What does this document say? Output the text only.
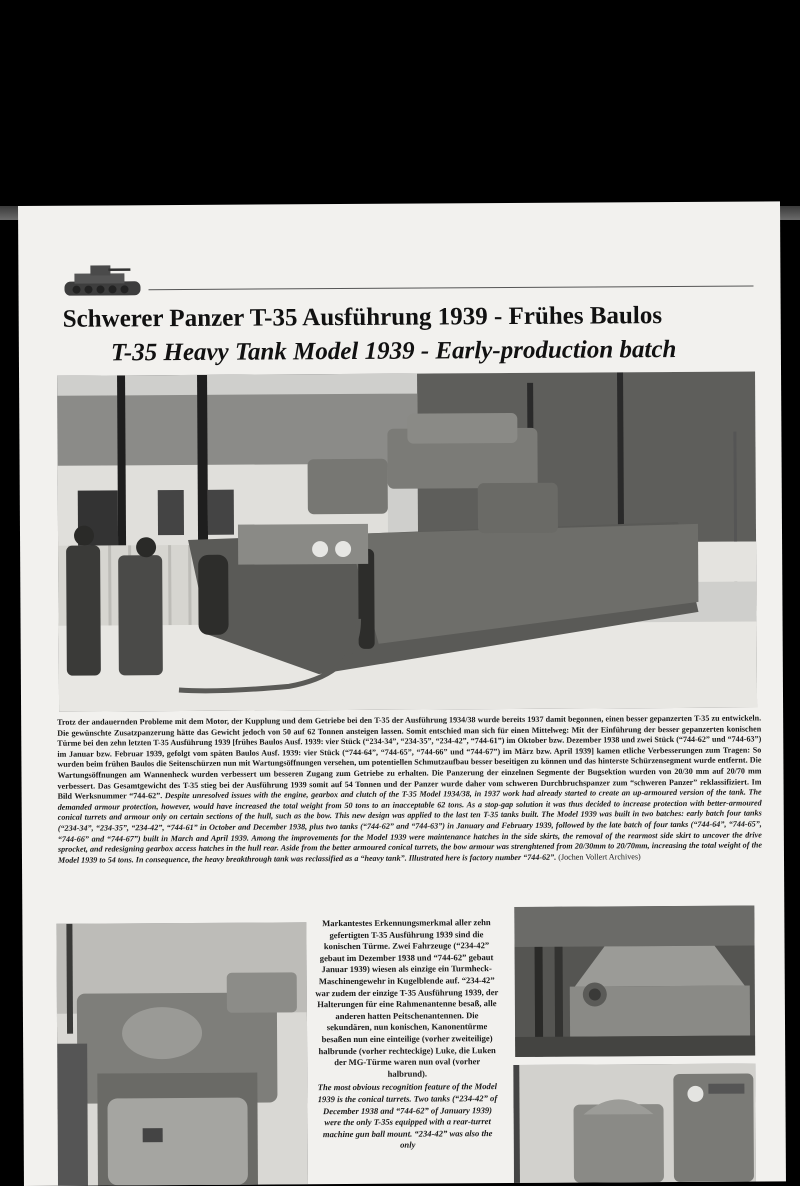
Schwerer Panzer T-35 Ausführung 1939 - Frühes Baulos
T-35 Heavy Tank Model 1939 - Early-production batch
Trotz der andauernden Probleme mit dem Motor, der Kupplung und dem Getriebe bei den T-35 der Ausführung 1934/38 wurde bereits 1937 damit begonnen, einen besser gepanzerten T-35 zu entwickeln. Die gewünschte Zusatzpanzerung hätte das Gewicht jedoch von 50 auf 62 Tonnen ansteigen lassen. Somit entschied man sich für einen Mittelweg: Mit der Einführung der besser gepanzerten konischen Türme bei den zehn letzten T-35 Ausführung 1939 [frühes Baulos Ausf. 1939: vier Stück (“234-34”, “234-35”, “234-42”, “744-61”) im Oktober bzw. Dezember 1938 und zwei Stück (“744-62” und “744-63”) im Januar bzw. Februar 1939, gefolgt vom späten Baulos Ausf. 1939: vier Stück (“744-64”, “744-65”, “744-66” und “744-67”) im März bzw. April 1939] kamen etliche Verbesserungen zum Tragen: So wurden beim frühen Baulos die Seitenschürzen nun mit Wartungsöffnungen versehen, um potentiellen Schmutzaufbau besser beseitigen zu können und das hinterste Schürzensegment wurde entfernt. Die Wartungsöffnungen am Wannenheck wurden verbessert um besseren Zugang zum Getriebe zu erhalten. Die Panzerung der einzelnen Segmente der Bugsektion wurden von 20/30 mm auf 20/70 mm verbessert. Das Gesamtgewicht des T-35 stieg bei der Ausführung 1939 somit auf 54 Tonnen und der Panzer wurde daher vom schweren Durchbruchspanzer zum “schweren Panzer” reklassifiziert. Im Bild Werksnummer “744-62”. Despite unresolved issues with the engine, gearbox and clutch of the T-35 Model 1934/38, in 1937 work had already started to create an up-armoured version of the tank. The demanded armour protection, however, would have increased the total weight from 50 tons to an inacceptable 62 tons. As a stop-gap solution it was thus decided to increase protection with better-armoured conical turrets and armour only on certain sections of the hull, such as the bow. This new design was applied to the last ten T-35 tanks built. The Model 1939 was built in two batches: early batch four tanks (“234-34”, “234-35”, “234-42”, “744-61” in October and December 1938, plus two tanks (“744-62” and “744-63”) in January and February 1939, followed by the late batch of four tanks (“744-64”, “744-65”, “744-66” and “744-67”) built in March and April 1939. Among the improvements for the Model 1939 were maintenance hatches in the side skirts, the removal of the rearmost side skirt to uncover the drive sprocket, and redesigning gearbox access hatches in the hull rear. Aside from the better armoured conical turrets, the bow armour was strenghtened from 20/30mm to 20/70mm, increasing the total weight of the Model 1939 to 54 tons. In consequence, the heavy breakthrough tank was reclassified as a “heavy tank”. Illustrated here is factory number “744-62”. (Jochen Vollert Archives)
Markantestes Erkennungsmerkmal aller zehn gefertigten T-35 Ausführung 1939 sind die konischen Türme. Zwei Fahrzeuge (“234-42” gebaut im Dezember 1938 und “744-62” gebaut Januar 1939) wiesen als einzige ein Turmheck-Maschinengewehr in Kugelblende auf. “234-42” war zudem der einzige T-35 Ausführung 1939, der Halterungen für eine Rahmenantenne besaß, alle anderen hatten Peitschenantennen. Die sekundären, nun konischen, Kanonentürme besaßen nun eine einteilige (vorher zweiteilige) halbrunde (vorher rechteckige) Luke, die Luken der MG-Türme waren nun oval (vorher halbrund).
The most obvious recognition feature of the Model 1939 is the conical turrets. Two tanks (“234-42” of December 1938 and “744-62” of January 1939) were the only T-35s equipped with a rear-turret machine gun ball mount. “234-42” was also the only
